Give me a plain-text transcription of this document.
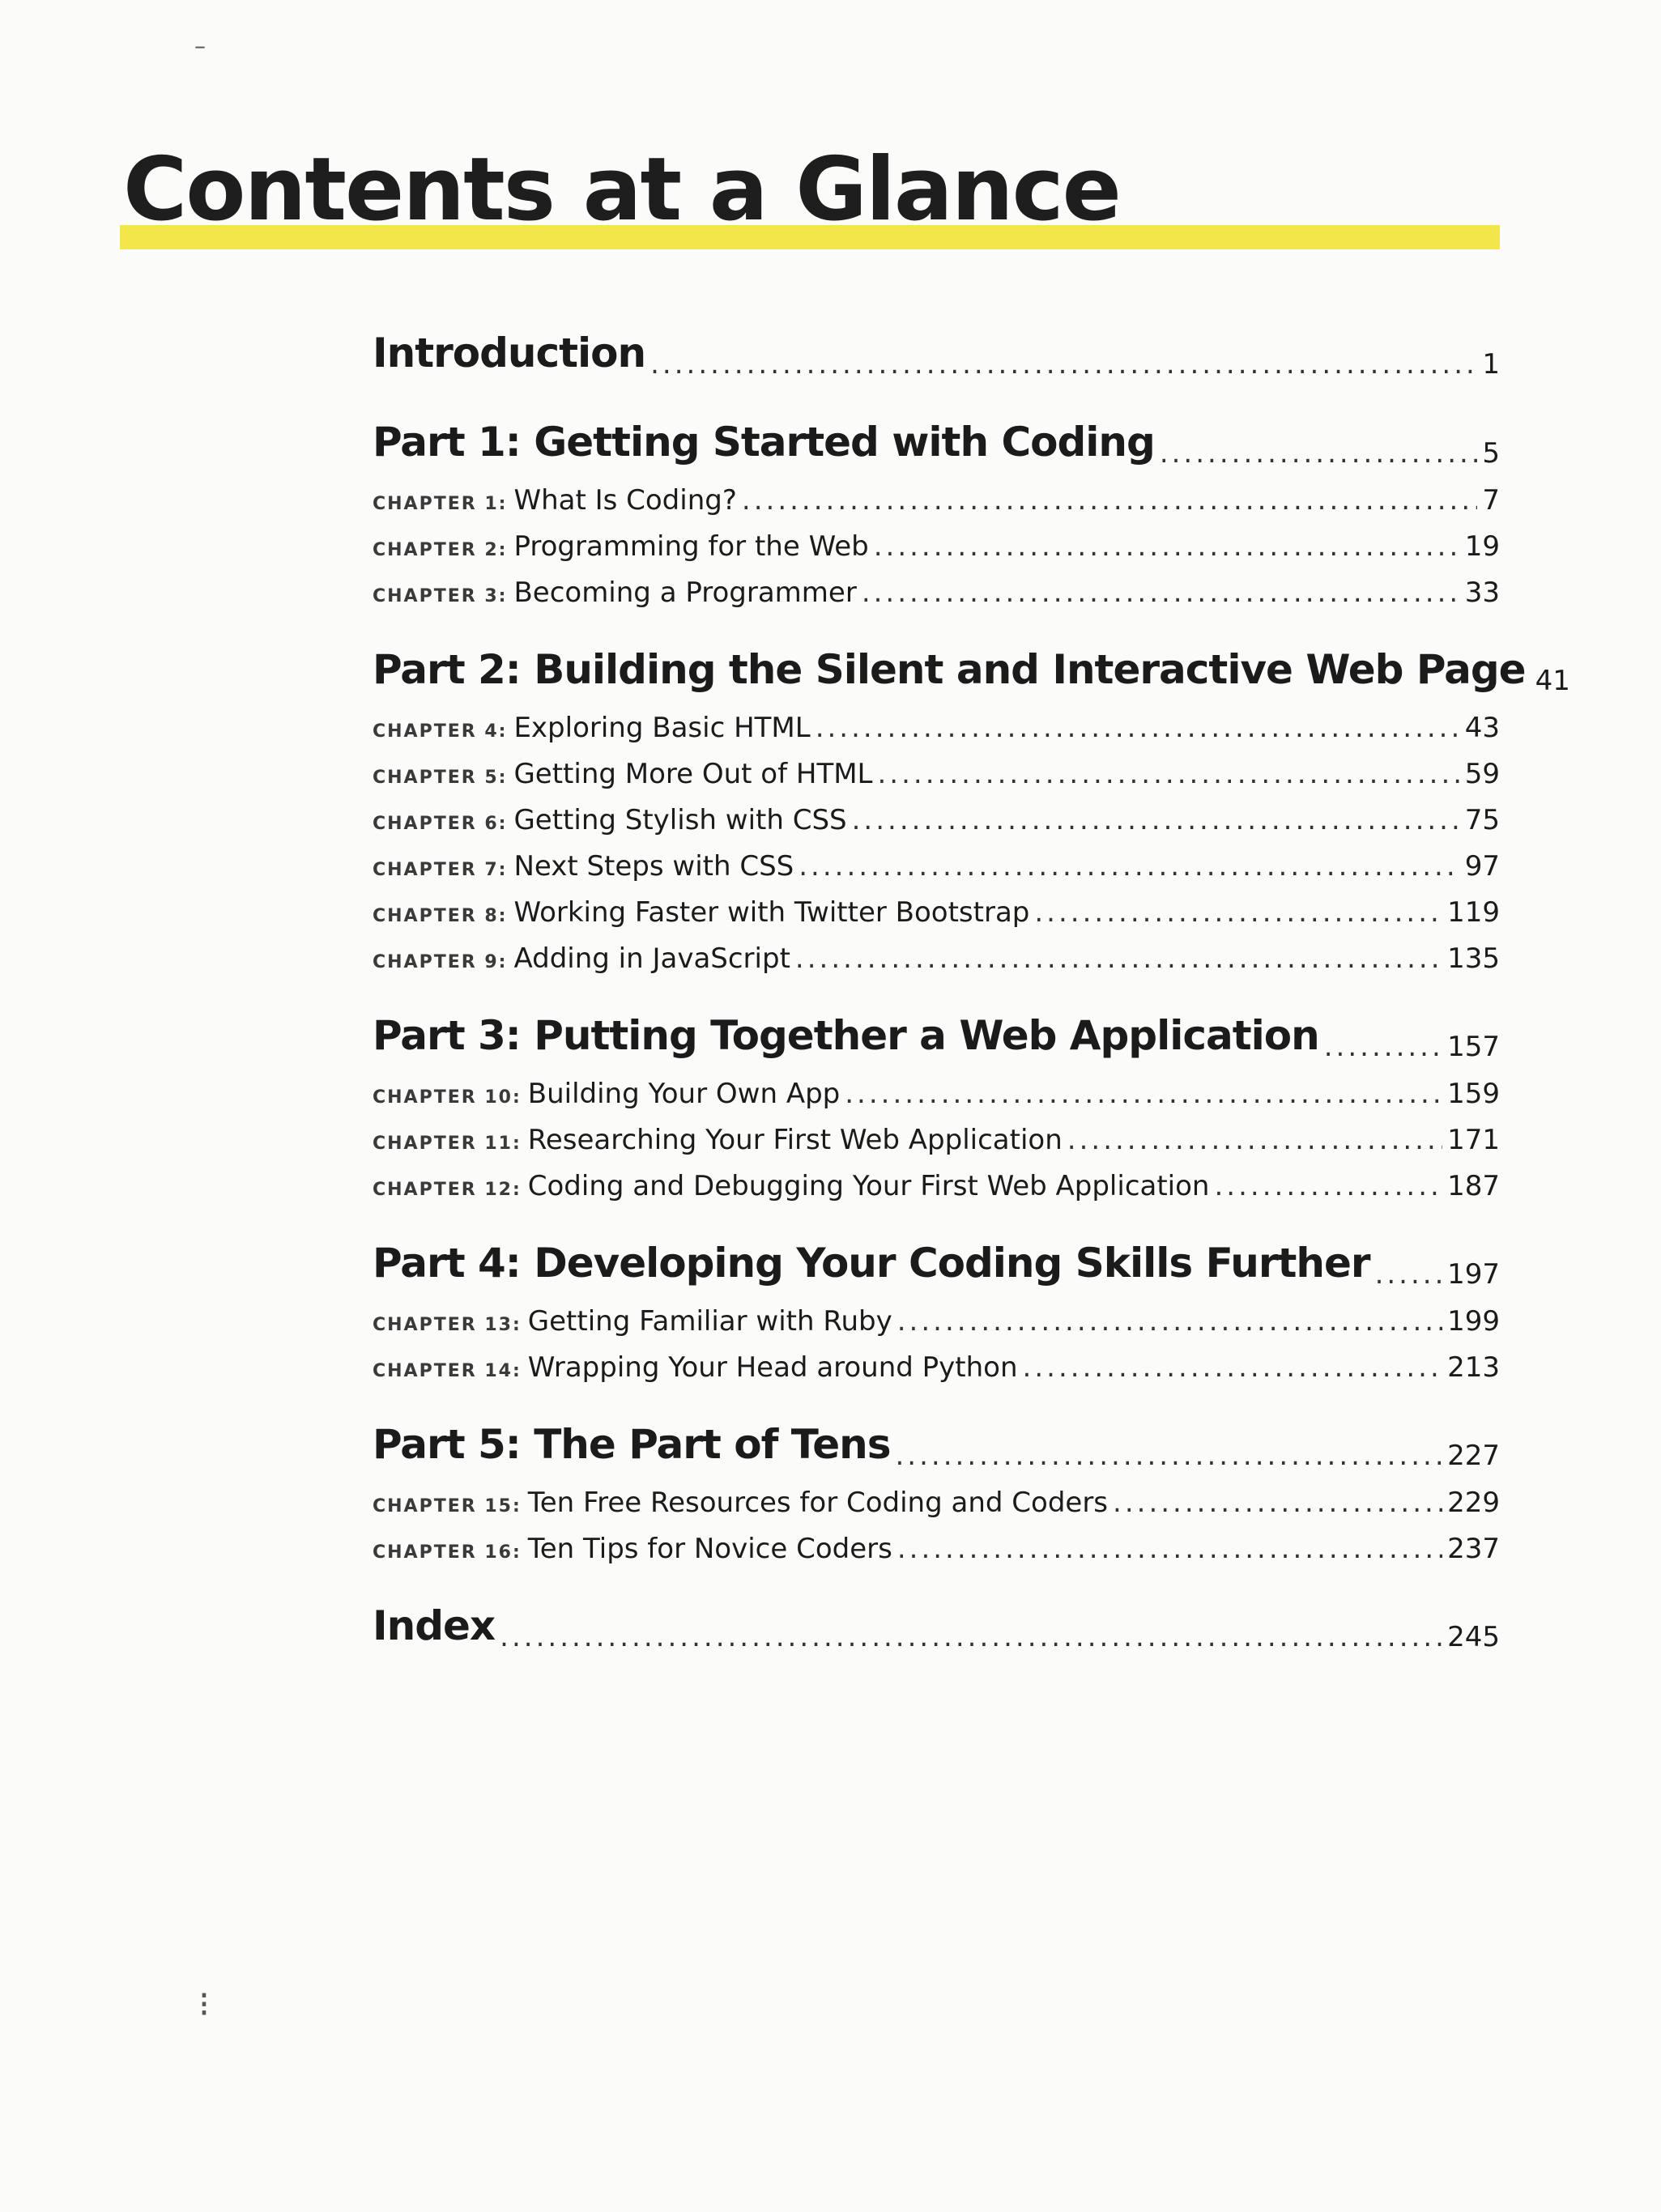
Contents at a Glance
Introduction .....	1
Part 1: Getting Started with Coding .....	5
CHAPTER 1: What Is Coding? .....	7
CHAPTER 2: Programming for the Web .....	19
CHAPTER 3: Becoming a Programmer .....	33
Part 2: Building the Silent and Interactive Web Page 41
CHAPTER 4: Exploring Basic HTML .....	43
CHAPTER 5: Getting More Out of HTML .....	59
CHAPTER 6: Getting Stylish with CSS .....	75
CHAPTER 7: Next Steps with CSS .....	97
CHAPTER 8: Working Faster with Twitter Bootstrap .....	119
CHAPTER 9: Adding in JavaScript .....	135
Part 3: Putting Together a Web Application .....	157
CHAPTER 10: Building Your Own App .....	159
CHAPTER 11: Researching Your First Web Application .....	171
CHAPTER 12: Coding and Debugging Your First Web Application .....	187
Part 4: Developing Your Coding Skills Further .....	197
CHAPTER 13: Getting Familiar with Ruby .....	199
CHAPTER 14: Wrapping Your Head around Python .....	213
Part 5: The Part of Tens .....	227
CHAPTER 15: Ten Free Resources for Coding and Coders .....	229
CHAPTER 16: Ten Tips for Novice Coders .....	237
Index .....	245
⁝
–
